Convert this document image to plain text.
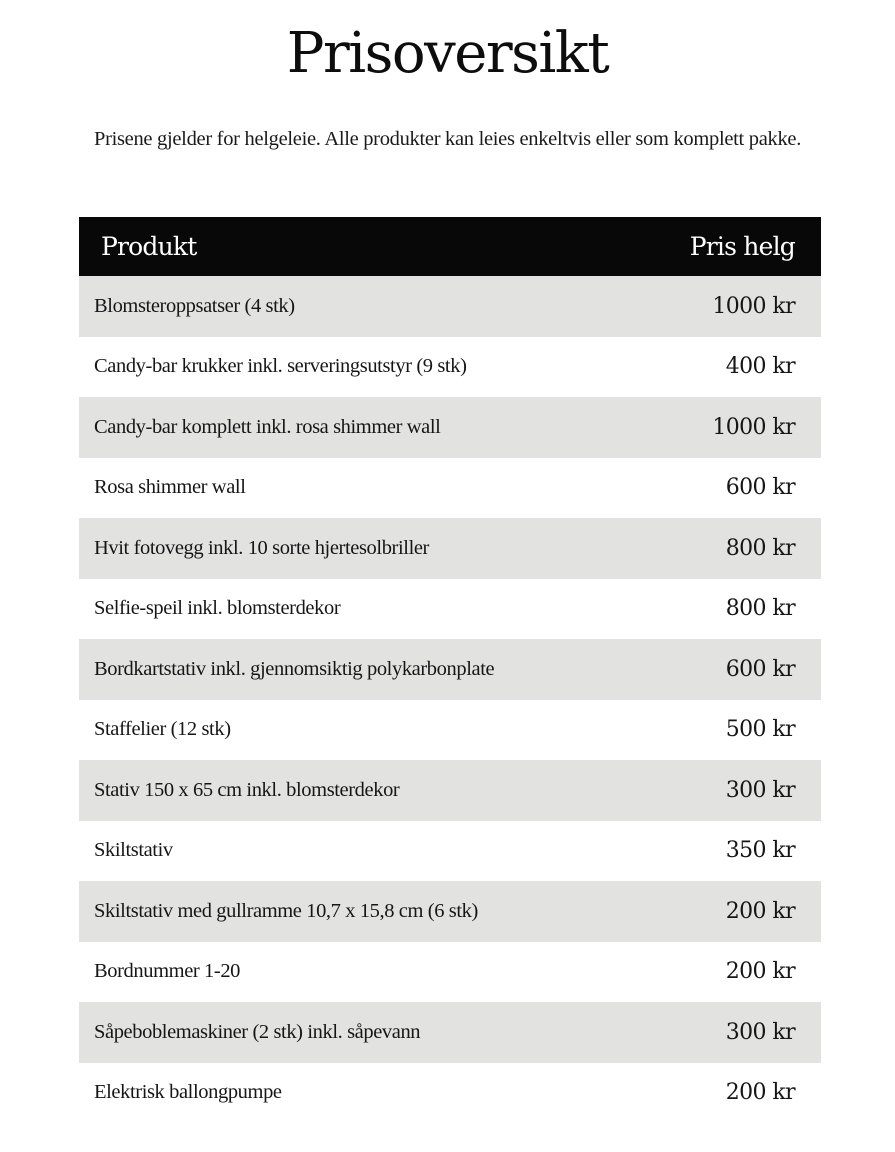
Prisoversikt

Prisene gjelder for helgeleie. Alle produkter kan leies enkeltvis eller som komplett pakke.

Produkt	Pris helg
Blomsteroppsatser (4 stk)	1000 kr
Candy-bar krukker inkl. serveringsutstyr (9 stk)	400 kr
Candy-bar komplett inkl. rosa shimmer wall	1000 kr
Rosa shimmer wall	600 kr
Hvit fotovegg inkl. 10 sorte hjertesolbriller	800 kr
Selfie-speil inkl. blomsterdekor	800 kr
Bordkartstativ inkl. gjennomsiktig polykarbonplate	600 kr
Staffelier (12 stk)	500 kr
Stativ 150 x 65 cm inkl. blomsterdekor	300 kr
Skiltstativ	350 kr
Skiltstativ med gullramme 10,7 x 15,8 cm (6 stk)	200 kr
Bordnummer 1-20	200 kr
Såpeboblemaskiner (2 stk) inkl. såpevann	300 kr
Elektrisk ballongpumpe	200 kr
